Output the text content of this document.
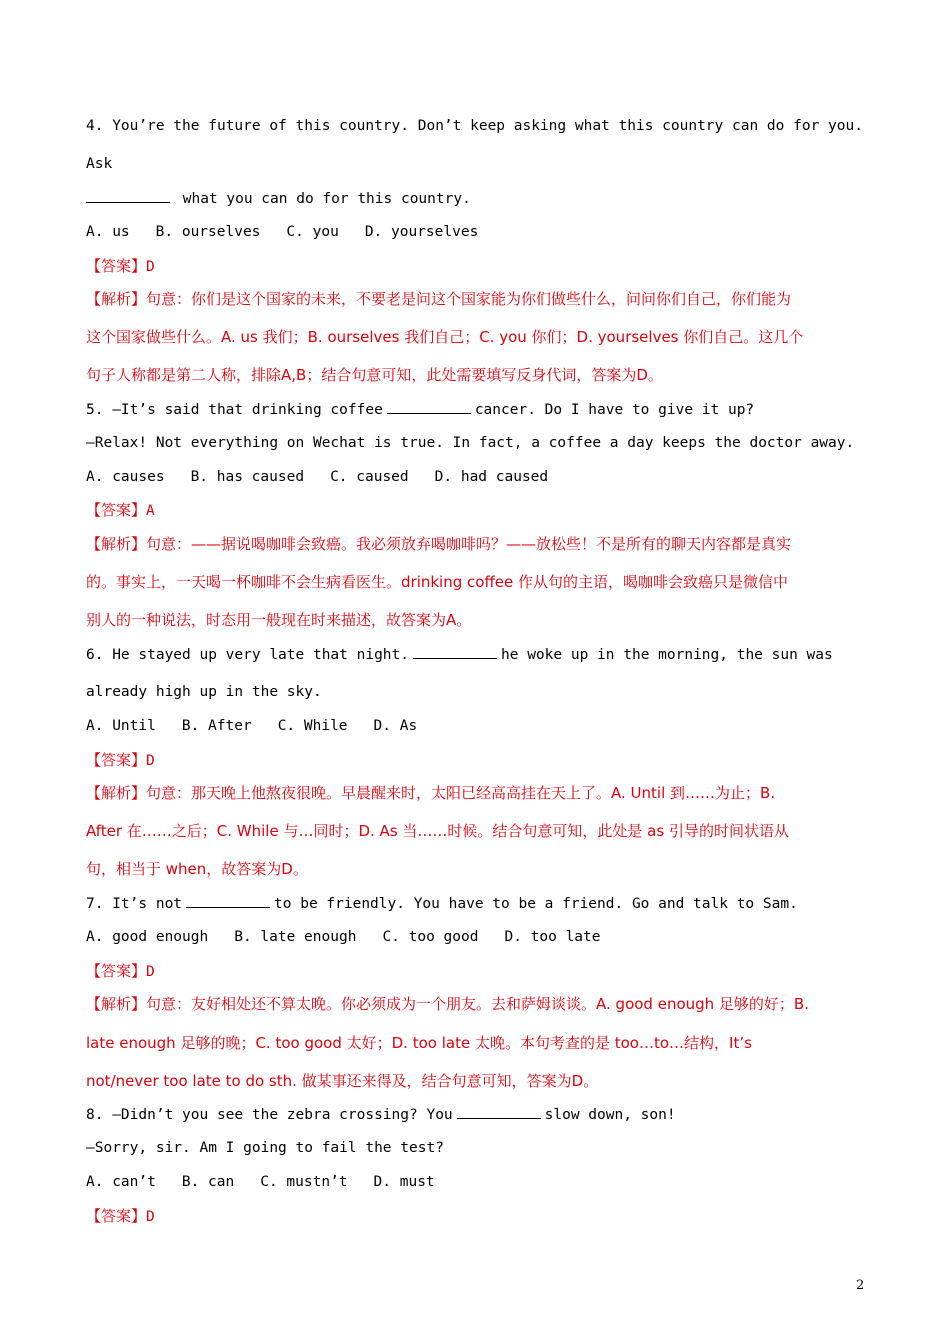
4. You’re the future of this country. Don’t keep asking what this country can do for you.
Ask
what you can do for this country.
A. us B. ourselves C. you D. yourselves
【答案】D
【解析】句意：你们是这个国家的未来，不要老是问这个国家能为你们做些什么，问问你们自己，你们能为
这个国家做些什么。A. us 我们；B. ourselves 我们自己；C. you 你们；D. yourselves 你们自己。这几个
句子人称都是第二人称，排除A,B；结合句意可知，此处需要填写反身代词，答案为D。
5. —It’s said that drinking coffee	cancer. Do I have to give it up?
—Relax! Not everything on Wechat is true. In fact, a coffee a day keeps the doctor away.
A. causes B. has caused C. caused D. had caused
【答案】A
【解析】句意：——据说喝咖啡会致癌。我必须放弃喝咖啡吗？——放松些！不是所有的聊天内容都是真实
的。事实上，一天喝一杯咖啡不会生病看医生。drinking coffee 作从句的主语，喝咖啡会致癌只是微信中
别人的一种说法，时态用一般现在时来描述，故答案为A。
6. He stayed up very late that night.	he woke up in the morning, the sun was
already high up in the sky.
A. Until B. After C. While D. As
【答案】D
【解析】句意：那天晚上他熬夜很晚。早晨醒来时，太阳已经高高挂在天上了。A. Until 到……为止；B.
After 在……之后；C. While 与…同时；D. As 当……时候。结合句意可知，此处是 as 引导的时间状语从
句，相当于 when，故答案为D。
7. It’s not	to be friendly. You have to be a friend. Go and talk to Sam.
A. good enough B. late enough C. too good D. too late
【答案】D
【解析】句意：友好相处还不算太晚。你必须成为一个朋友。去和萨姆谈谈。A. good enough 足够的好；B.
late enough 足够的晚；C. too good 太好；D. too late 太晚。本句考查的是 too…to…结构，It’s
not/never too late to do sth. 做某事还来得及，结合句意可知，答案为D。
8. —Didn’t you see the zebra crossing? You	slow down, son!
—Sorry, sir. Am I going to fail the test?
A. can’t B. can C. mustn’t D. must
【答案】D
2
